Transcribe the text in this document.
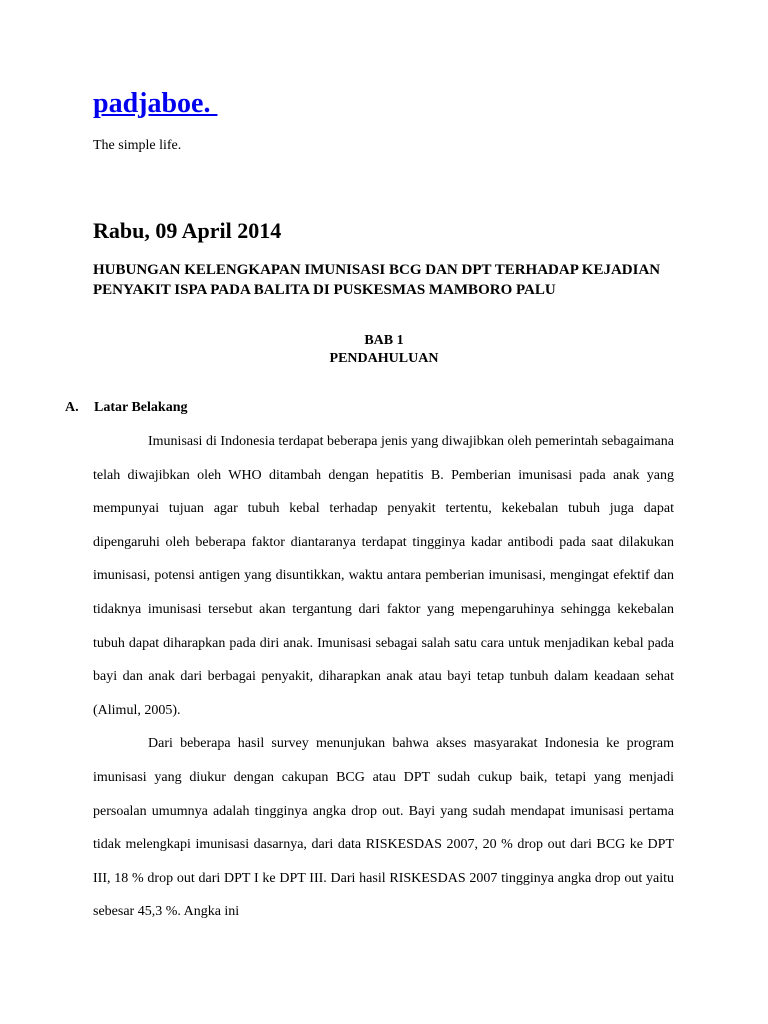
padjaboe.

The simple life.

Rabu, 09 April 2014
HUBUNGAN KELENGKAPAN IMUNISASI BCG DAN DPT TERHADAP KEJADIAN PENYAKIT ISPA PADA BALITA DI PUSKESMAS MAMBORO PALU

BAB 1

PENDAHULUAN

A. Latar Belakang

Imunisasi di Indonesia terdapat beberapa jenis yang diwajibkan oleh pemerintah sebagaimana telah diwajibkan oleh WHO ditambah dengan hepatitis B. Pemberian imunisasi pada anak yang mempunyai tujuan agar tubuh kebal terhadap penyakit tertentu, kekebalan tubuh juga dapat dipengaruhi oleh beberapa faktor diantaranya terdapat tingginya kadar antibodi pada saat dilakukan imunisasi, potensi antigen yang disuntikkan, waktu antara pemberian imunisasi, mengingat efektif dan tidaknya imunisasi tersebut akan tergantung dari faktor yang mepengaruhinya sehingga kekebalan tubuh dapat diharapkan pada diri anak. Imunisasi sebagai salah satu cara untuk menjadikan kebal pada bayi dan anak dari berbagai penyakit, diharapkan anak atau bayi tetap tunbuh dalam keadaan sehat (Alimul, 2005).

Dari beberapa hasil survey menunjukan bahwa akses masyarakat Indonesia ke program imunisasi yang diukur dengan cakupan BCG atau DPT sudah cukup baik, tetapi yang menjadi persoalan umumnya adalah tingginya angka drop out. Bayi yang sudah mendapat imunisasi pertama tidak melengkapi imunisasi dasarnya, dari data RISKESDAS 2007, 20 % drop out dari BCG ke DPT III, 18 % drop out dari DPT I ke DPT III. Dari hasil RISKESDAS 2007 tingginya angka drop out yaitu sebesar 45,3 %. Angka ini
